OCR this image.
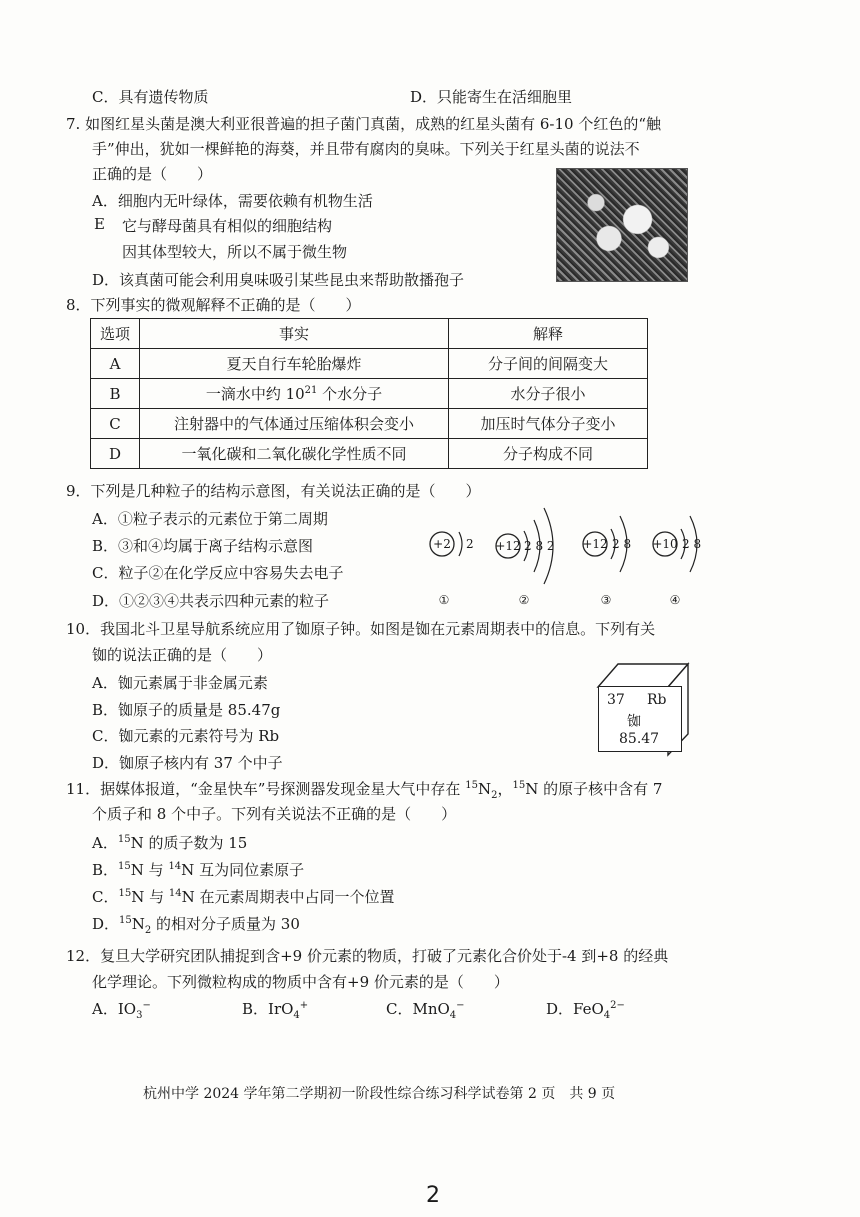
C．具有遗传物质	D．只能寄生在活细胞里
7. 如图红星头菌是澳大利亚很普遍的担子菌门真菌，成熟的红星头菌有 6-10 个红色的“触
手”伸出，犹如一棵鲜艳的海葵，并且带有腐肉的臭味。下列关于红星头菌的说法不
正确的是（　　）
A．细胞内无叶绿体，需要依赖有机物生活
E 它与酵母菌具有相似的细胞结构
因其体型较大，所以不属于微生物
D．该真菌可能会利用臭味吸引某些昆虫来帮助散播孢子
8．下列事实的微观解释不正确的是（　　）
选项	事实	解释
A	夏天自行车轮胎爆炸	分子间的间隔变大
B	一滴水中约 $10^{21}$ 个水分子	水分子很小
C	注射器中的气体通过压缩体积会变小	加压时气体分子变小
D	一氧化碳和二氧化碳化学性质不同	分子构成不同
9．下列是几种粒子的结构示意图，有关说法正确的是（　　）
A．①粒子表示的元素位于第二周期
B．③和④均属于离子结构示意图
C．粒子②在化学反应中容易失去电子
D．①②③④共表示四种元素的粒子
+2 2
①
+12 2 8 2
②
+12 2 8
③
+10 2 8
④
10．我国北斗卫星导航系统应用了铷原子钟。如图是铷在元素周期表中的信息。下列有关
铷的说法正确的是（　　）
A．铷元素属于非金属元素
B．铷原子的质量是 85.47g
C．铷元素的元素符号为 Rb
D．铷原子核内有 37 个中子
37 Rb
铷
85.47
11．据媒体报道，“金星快车”号探测器发现金星大气中存在 $^{15}N_2$，$^{15}$N 的原子核中含有 7
个质子和 8 个中子。下列有关说法不正确的是（　　）
A．$^{15}$N 的质子数为 15
B．$^{15}$N 与 $^{14}$N 互为同位素原子
C．$^{15}$N 与 $^{14}$N 在元素周期表中占同一个位置
D．$^{15}N_2$ 的相对分子质量为 30
12．复旦大学研究团队捕捉到含+9 价元素的物质，打破了元素化合价处于-4 到+8 的经典
化学理论。下列微粒构成的物质中含有+9 价元素的是（　　）
A．$IO_3^-$	B．IrO$_4$+	C．MnO$_4$−	D．FeO$_4^{2-}$
杭州中学 2024 学年第二学期初一阶段性综合练习科学试卷第 2 页　共 9 页
2
